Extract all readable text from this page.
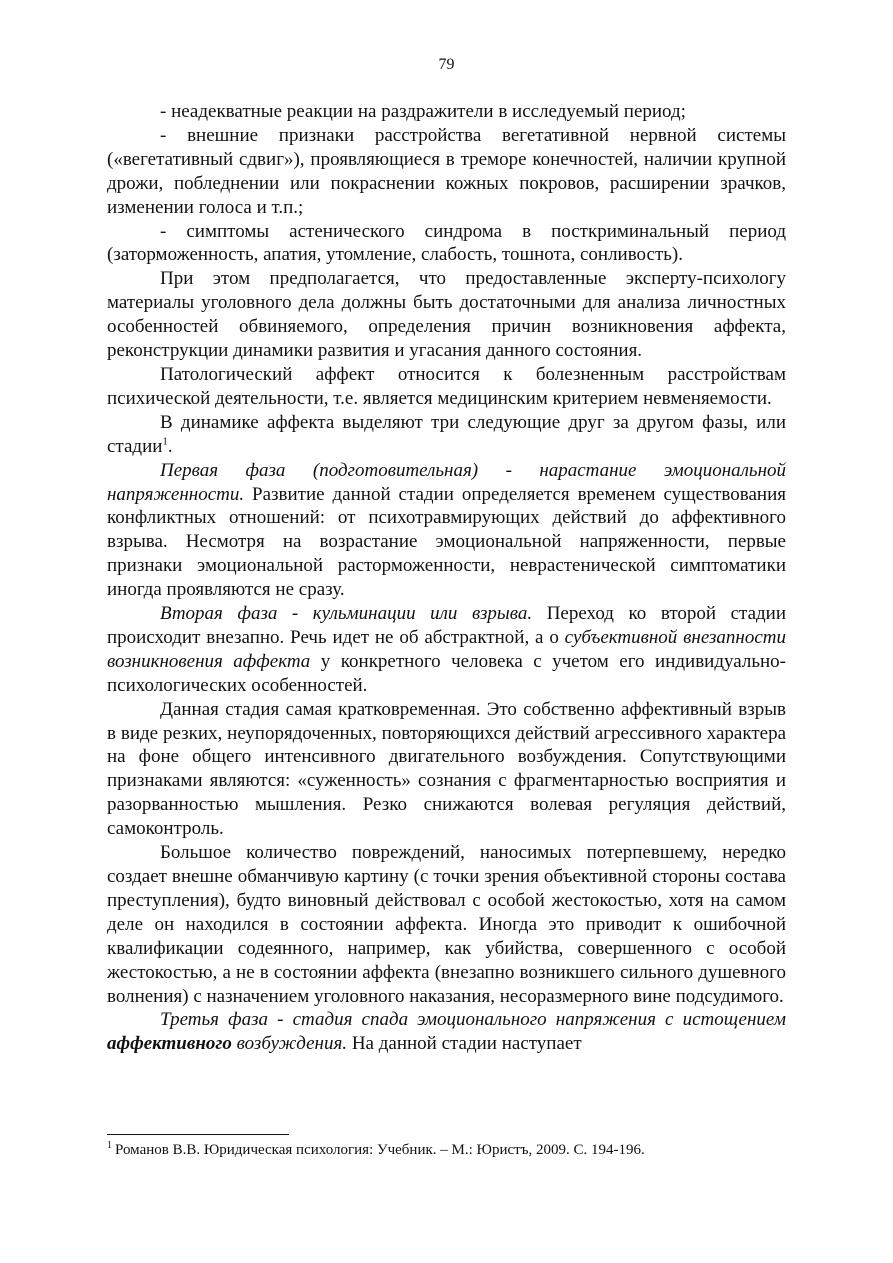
79

- неадекватные реакции на раздражители в исследуемый период;

- внешние признаки расстройства вегетативной нервной системы («вегетативный сдвиг»), проявляющиеся в треморе конечностей, наличии крупной дрожи, побледнении или покраснении кожных покровов, расширении зрачков, изменении голоса и т.п.;

- симптомы астенического синдрома в посткриминальный период (заторможенность, апатия, утомление, слабость, тошнота, сонливость).

При этом предполагается, что предоставленные эксперту-психологу материалы уголовного дела должны быть достаточными для анализа личностных особенностей обвиняемого, определения причин возникновения аффекта, реконструкции динамики развития и угасания данного состояния.

Патологический аффект относится к болезненным расстройствам психической деятельности, т.е. является медицинским критерием невменяемости.

В динамике аффекта выделяют три следующие друг за другом фазы, или стадии$^1$.

Первая фаза (подготовительная) - нарастание эмоциональной напряженности. Развитие данной стадии определяется временем существования конфликтных отношений: от психотравмирующих действий до аффективного взрыва. Несмотря на возрастание эмоциональной напряженности, первые признаки эмоциональной расторможенности, неврастенической симптоматики иногда проявляются не сразу.

Вторая фаза - кульминации или взрыва. Переход ко второй стадии происходит внезапно. Речь идет не об абстрактной, а о субъективной внезапности возникновения аффекта у конкретного человека с учетом его индивидуально-психологических особенностей.

Данная стадия самая кратковременная. Это собственно аффективный взрыв в виде резких, неупорядоченных, повторяющихся действий агрессивного характера на фоне общего интенсивного двигательного возбуждения. Сопутствующими признаками являются: «суженность» сознания с фрагментарностью восприятия и разорванностью мышления. Резко снижаются волевая регуляция действий, самоконтроль.

Большое количество повреждений, наносимых потерпевшему, нередко создает внешне обманчивую картину (с точки зрения объективной стороны состава преступления), будто виновный действовал с особой жестокостью, хотя на самом деле он находился в состоянии аффекта. Иногда это приводит к ошибочной квалификации содеянного, например, как убийства, совершенного с особой жестокостью, а не в состоянии аффекта (внезапно возникшего сильного душевного волнения) с назначением уголовного наказания, несоразмерного вине подсудимого.

Третья фаза - стадия спада эмоционального напряжения с истощением аффективного возбуждения. На данной стадии наступает

$^1$ Романов В.В. Юридическая психология: Учебник. – М.: Юристъ, 2009. С. 194-196.
